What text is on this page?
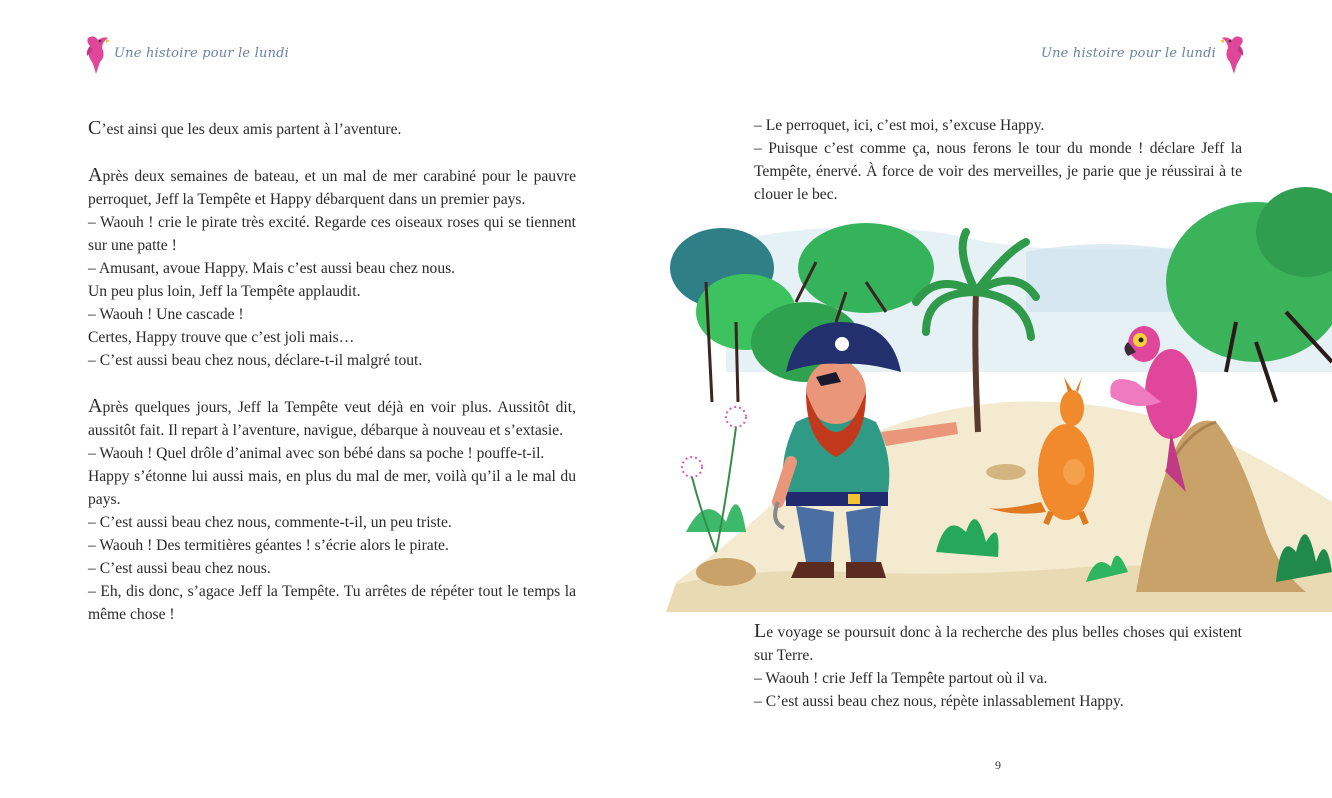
Une histoire pour le lundi

C’est ainsi que les deux amis partent à l’aventure.

Après deux semaines de bateau, et un mal de mer carabiné pour le pauvre perroquet, Jeff la Tempête et Happy débarquent dans un premier pays.

– Waouh ! crie le pirate très excité. Regarde ces oiseaux roses qui se tiennent sur une patte !

– Amusant, avoue Happy. Mais c’est aussi beau chez nous.

Un peu plus loin, Jeff la Tempête applaudit.

– Waouh ! Une cascade !

Certes, Happy trouve que c’est joli mais…

– C’est aussi beau chez nous, déclare-t-il malgré tout.

Après quelques jours, Jeff la Tempête veut déjà en voir plus. Aussitôt dit, aussitôt fait. Il repart à l’aventure, navigue, débarque à nouveau et s’extasie.

– Waouh ! Quel drôle d’animal avec son bébé dans sa poche ! pouffe-t-il.

Happy s’étonne lui aussi mais, en plus du mal de mer, voilà qu’il a le mal du pays.

– C’est aussi beau chez nous, commente-t-il, un peu triste.

– Waouh ! Des termitières géantes ! s’écrie alors le pirate.

– C’est aussi beau chez nous.

– Eh, dis donc, s’agace Jeff la Tempête. Tu arrêtes de répéter tout le temps la même chose !

Une histoire pour le lundi

– Le perroquet, ici, c’est moi, s’excuse Happy.

– Puisque c’est comme ça, nous ferons le tour du monde ! déclare Jeff la Tempête, énervé. À force de voir des merveilles, je parie que je réussirai à te clouer le bec.

Le voyage se poursuit donc à la recherche des plus belles choses qui existent sur Terre.

– Waouh ! crie Jeff la Tempête partout où il va.

– C’est aussi beau chez nous, répète inlassablement Happy.

9
